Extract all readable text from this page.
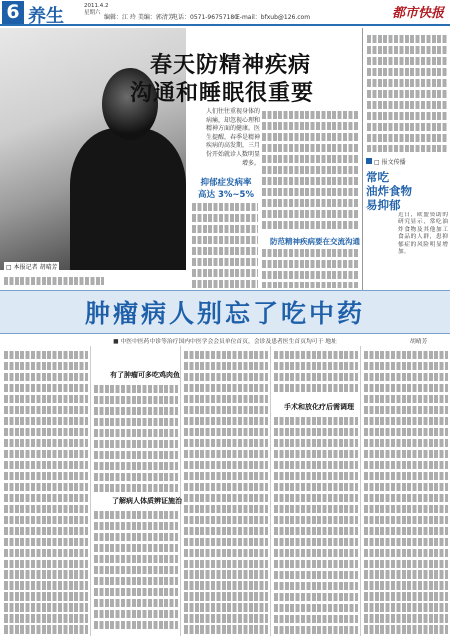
6 养生	2011.4.2
星期六
编辑：江 玲 美编：郭清芳
电话：0571-96757180
E-mail：bfxub@126.com	都市快报
□ 本报记者 胡晴芳
春天防精神疾病
沟通和睡眠很重要
人们往往重视身体的病痛，却忽视心理和精神方面的健康。医生提醒，春季是精神疾病的高发期，三月份开始就诊人数明显增多。
抑郁症发病率
高达 3%~5%
防范精神疾病要在交流沟通
□ 报文传播
常吃
油炸食物
易抑郁
近日，欧盟资助的研究显示，常吃油炸食物及其他加工食品的人群，患抑郁症的风险明显增加。
肿瘤病人别忘了吃中药
■ 中医中医药中诊等治疗国内中医学会会员单位首页，会诊及患者医生首页均可于 地址	胡晴芳
有了肿瘤可多吃鸡肉鱼
手术和放化疗后需调理
了解病人体质辨证施治
